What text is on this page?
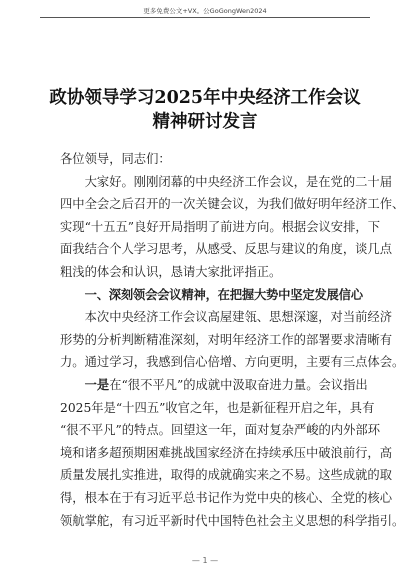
更多免费公文+VX。公GoGongWen2024
政协领导学习2025年中央经济工作会议
精神研讨发言
各位领导，同志们：
大家好。刚刚闭幕的中央经济工作会议，是在党的二十届
四中全会之后召开的一次关键会议，为我们做好明年经济工作、
实现“十五五”良好开局指明了前进方向。根据会议安排，下
面我结合个人学习思考，从感受、反思与建议的角度，谈几点
粗浅的体会和认识，恳请大家批评指正。
一、深刻领会会议精神，在把握大势中坚定发展信心
本次中央经济工作会议高屋建瓴、思想深邃，对当前经济
形势的分析判断精准深刻，对明年经济工作的部署要求清晰有
力。通过学习，我感到信心倍增、方向更明，主要有三点体会。
一是在“很不平凡”的成就中汲取奋进力量。会议指出
2025年是“十四五”收官之年，也是新征程开启之年，具有
“很不平凡”的特点。回望这一年，面对复杂严峻的内外部环
境和诸多超预期困难挑战国家经济在持续承压中破浪前行，高
质量发展扎实推进，取得的成就确实来之不易。这些成就的取
得，根本在于有习近平总书记作为党中央的核心、全党的核心
领航掌舵，有习近平新时代中国特色社会主义思想的科学指引。
— 1 —
